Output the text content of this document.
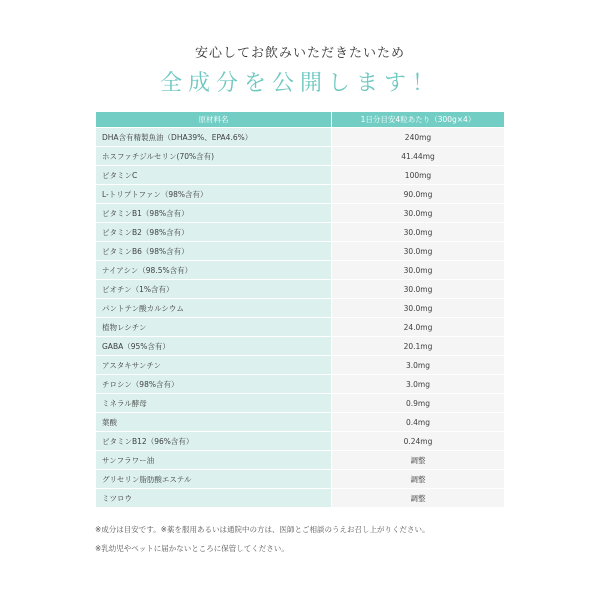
安心してお飲みいただきたいため
全成分を公開します！
原材料名	1日分目安4粒あたり（300g×4）
DHA含有精製魚油（DHA39%、EPA4.6%）	240mg
ホスファチジルセリン(70%含有)	41.44mg
ビタミンC	100mg
L-トリプトファン（98%含有）	90.0mg
ビタミンB1（98%含有）	30.0mg
ビタミンB2（98%含有）	30.0mg
ビタミンB6（98%含有）	30.0mg
ナイアシン（98.5%含有）	30.0mg
ビオチン（1%含有）	30.0mg
パントテン酸カルシウム	30.0mg
植物レシチン	24.0mg
GABA（95%含有）	20.1mg
アスタキサンチン	3.0mg
チロシン（98%含有）	3.0mg
ミネラル酵母	0.9mg
葉酸	0.4mg
ビタミンB12（96%含有）	0.24mg
サンフラワー油	調整
グリセリン脂肪酸エステル	調整
ミツロウ	調整
※成分は目安です。※薬を服用あるいは通院中の方は、医師とご相談のうえお召し上がりください。
※乳幼児やペットに届かないところに保管してください。
